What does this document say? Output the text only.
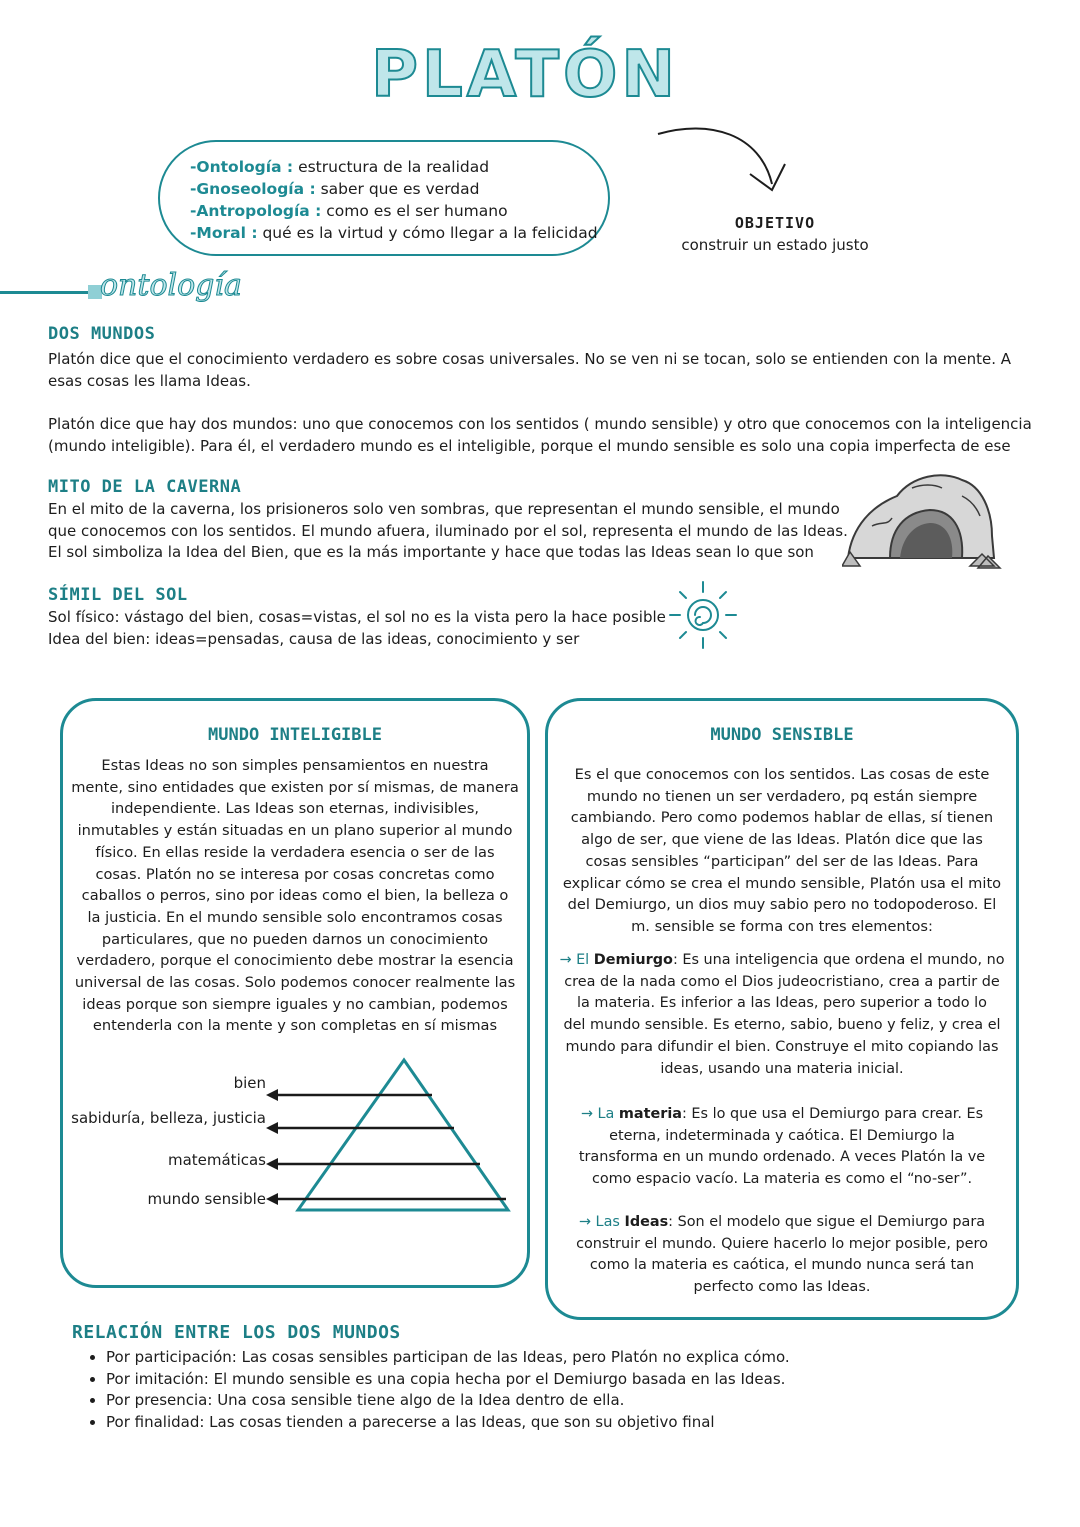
PLATÓN
-Ontología : estructura de la realidad
-Gnoseología : saber que es verdad
-Antropología : como es el ser humano
-Moral : qué es la virtud y cómo llegar a la felicidad
OBJETIVO
construir un estado justo
ontología
DOS MUNDOS
Platón dice que el conocimiento verdadero es sobre cosas universales. No se ven ni se tocan, solo se entienden con la mente. A
esas cosas les llama Ideas.
Platón dice que hay dos mundos: uno que conocemos con los sentidos ( mundo sensible) y otro que conocemos con la inteligencia
(mundo inteligible). Para él, el verdadero mundo es el inteligible, porque el mundo sensible es solo una copia imperfecta de ese
MITO DE LA CAVERNA
En el mito de la caverna, los prisioneros solo ven sombras, que representan el mundo sensible, el mundo
que conocemos con los sentidos. El mundo afuera, iluminado por el sol, representa el mundo de las Ideas.
El sol simboliza la Idea del Bien, que es la más importante y hace que todas las Ideas sean lo que son
SÍMIL DEL SOL
Sol físico: vástago del bien, cosas=vistas, el sol no es la vista pero la hace posible
Idea del bien: ideas=pensadas, causa de las ideas, conocimiento y ser
MUNDO INTELIGIBLE
Estas Ideas no son simples pensamientos en nuestra
mente, sino entidades que existen por sí mismas, de manera
independiente. Las Ideas son eternas, indivisibles,
inmutables y están situadas en un plano superior al mundo
físico. En ellas reside la verdadera esencia o ser de las
cosas. Platón no se interesa por cosas concretas como
caballos o perros, sino por ideas como el bien, la belleza o
la justicia. En el mundo sensible solo encontramos cosas
particulares, que no pueden darnos un conocimiento
verdadero, porque el conocimiento debe mostrar la esencia
universal de las cosas. Solo podemos conocer realmente las
ideas porque son siempre iguales y no cambian, podemos
entenderla con la mente y son completas en sí mismas
bien
sabiduría, belleza, justicia
matemáticas
mundo sensible
MUNDO SENSIBLE
Es el que conocemos con los sentidos. Las cosas de este
mundo no tienen un ser verdadero, pq están siempre
cambiando. Pero como podemos hablar de ellas, sí tienen
algo de ser, que viene de las Ideas. Platón dice que las
cosas sensibles “participan” del ser de las Ideas. Para
explicar cómo se crea el mundo sensible, Platón usa el mito
del Demiurgo, un dios muy sabio pero no todopoderoso. El
m. sensible se forma con tres elementos:
→ El Demiurgo: Es una inteligencia que ordena el mundo, no
crea de la nada como el Dios judeocristiano, crea a partir de
la materia. Es inferior a las Ideas, pero superior a todo lo
del mundo sensible. Es eterno, sabio, bueno y feliz, y crea el
mundo para difundir el bien. Construye el mito copiando las
ideas, usando una materia inicial.
→ La materia: Es lo que usa el Demiurgo para crear. Es
eterna, indeterminada y caótica. El Demiurgo la
transforma en un mundo ordenado. A veces Platón la ve
como espacio vacío. La materia es como el “no-ser”.
→ Las Ideas: Son el modelo que sigue el Demiurgo para
construir el mundo. Quiere hacerlo lo mejor posible, pero
como la materia es caótica, el mundo nunca será tan
perfecto como las Ideas.
RELACIÓN ENTRE LOS DOS MUNDOS
• Por participación: Las cosas sensibles participan de las Ideas, pero Platón no explica cómo.
• Por imitación: El mundo sensible es una copia hecha por el Demiurgo basada en las Ideas.
• Por presencia: Una cosa sensible tiene algo de la Idea dentro de ella.
• Por finalidad: Las cosas tienden a parecerse a las Ideas, que son su objetivo final
